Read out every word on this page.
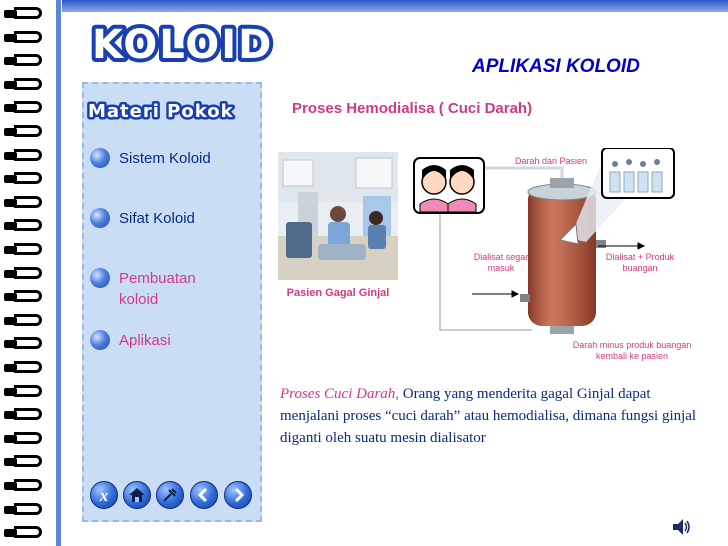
KOLOID
Materi Pokok
Sistem Koloid
Sifat Koloid
Pembuatan
koloid
Aplikasi
x
APLIKASI KOLOID
Proses Hemodialisa ( Cuci Darah)
Pasien Gagal Ginjal
Darah dari Pasien
Dialisat segar masuk
Dialisat + Produk buangan
Darah minus produk buangan kembali ke pasien
Proses Cuci Darah, Orang yang menderita gagal Ginjal dapat menjalani proses “cuci darah” atau hemodialisa, dimana fungsi ginjal diganti oleh suatu mesin dialisator
